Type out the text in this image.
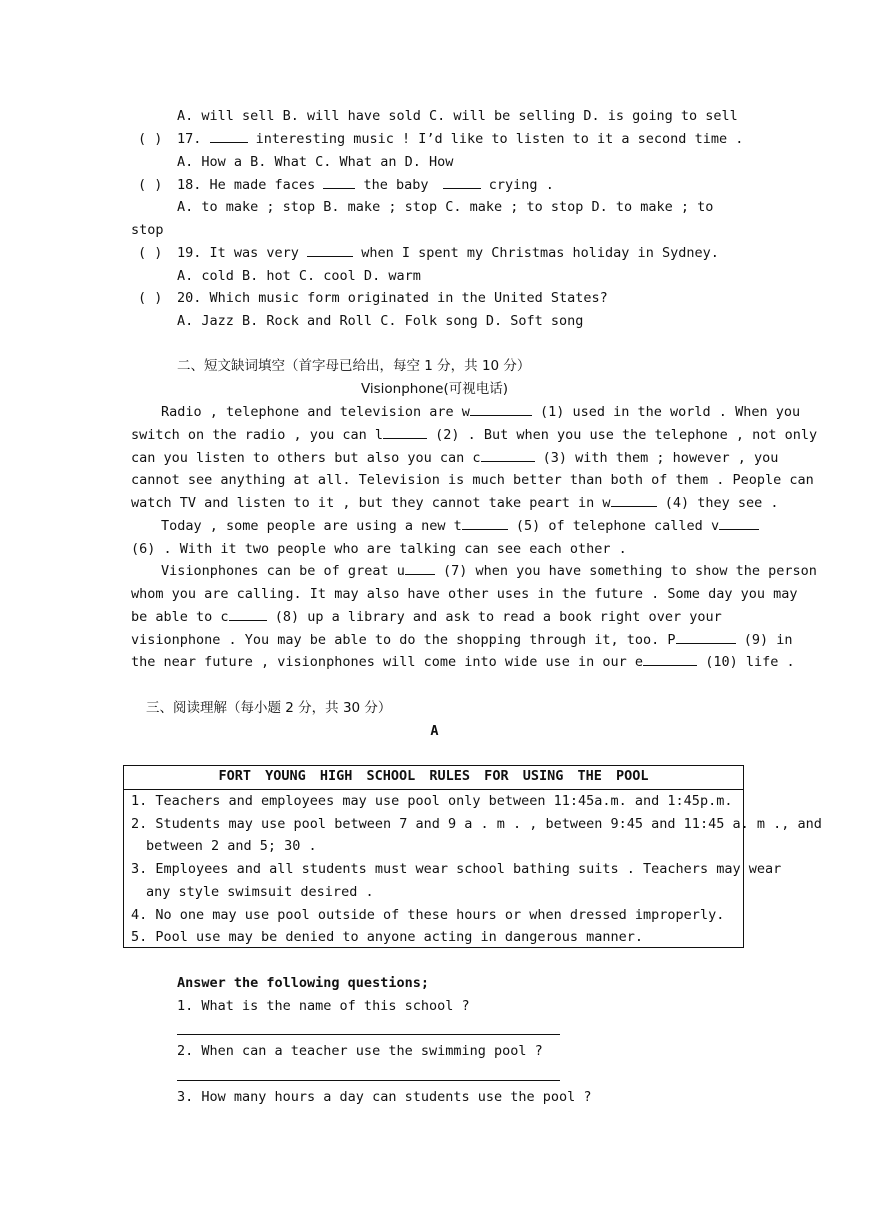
A. will sell B. will have sold C. will be selling D. is going to sell
( ) 17.	interesting music ! I’d like to listen to it a second time .
A. How a B. What C. What an D. How
( ) 18. He made faces	the baby	crying .
A. to make ; stop B. make ; stop C. make ; to stop D. to make ; to
stop
( ) 19. It was very	when I spent my Christmas holiday in Sydney.
A. cold B. hot C. cool D. warm
( ) 20. Which music form originated in the United States?
A. Jazz B. Rock and Roll C. Folk song D. Soft song
二、短文缺词填空（首字母已给出，每空 1 分，共 10 分）
Visionphone(可视电话)
Radio , telephone and television are w	(1) used in the world . When you
switch on the radio , you can l	(2) . But when you use the telephone , not only
can you listen to others but also you can c	(3) with them ; however , you
cannot see anything at all. Television is much better than both of them . People can
watch TV and listen to it , but they cannot take peart in w	(4) they see .
Today , some people are using a new t	(5) of telephone called v
(6) . With it two people who are talking can see each other .
Visionphones can be of great u	(7) when you have something to show the person
whom you are calling. It may also have other uses in the future . Some day you may
be able to c	(8) up a library and ask to read a book right over your
visionphone . You may be able to do the shopping through it, too. P	(9) in
the near future , visionphones will come into wide use in our e	(10) life .
三、阅读理解（每小题 2 分，共 30 分）
A
FORT YOUNG HIGH SCHOOL RULES FOR USING THE POOL
1. Teachers and employees may use pool only between 11:45a.m. and 1:45p.m.
2. Students may use pool between 7 and 9 a . m . , between 9:45 and 11:45 a. m ., and
between 2 and 5; 30 .
3. Employees and all students must wear school bathing suits . Teachers may wear
any style swimsuit desired .
4. No one may use pool outside of these hours or when dressed improperly.
5. Pool use may be denied to anyone acting in dangerous manner.
Answer the following questions;
1. What is the name of this school ?
2. When can a teacher use the swimming pool ?
3. How many hours a day can students use the pool ?
